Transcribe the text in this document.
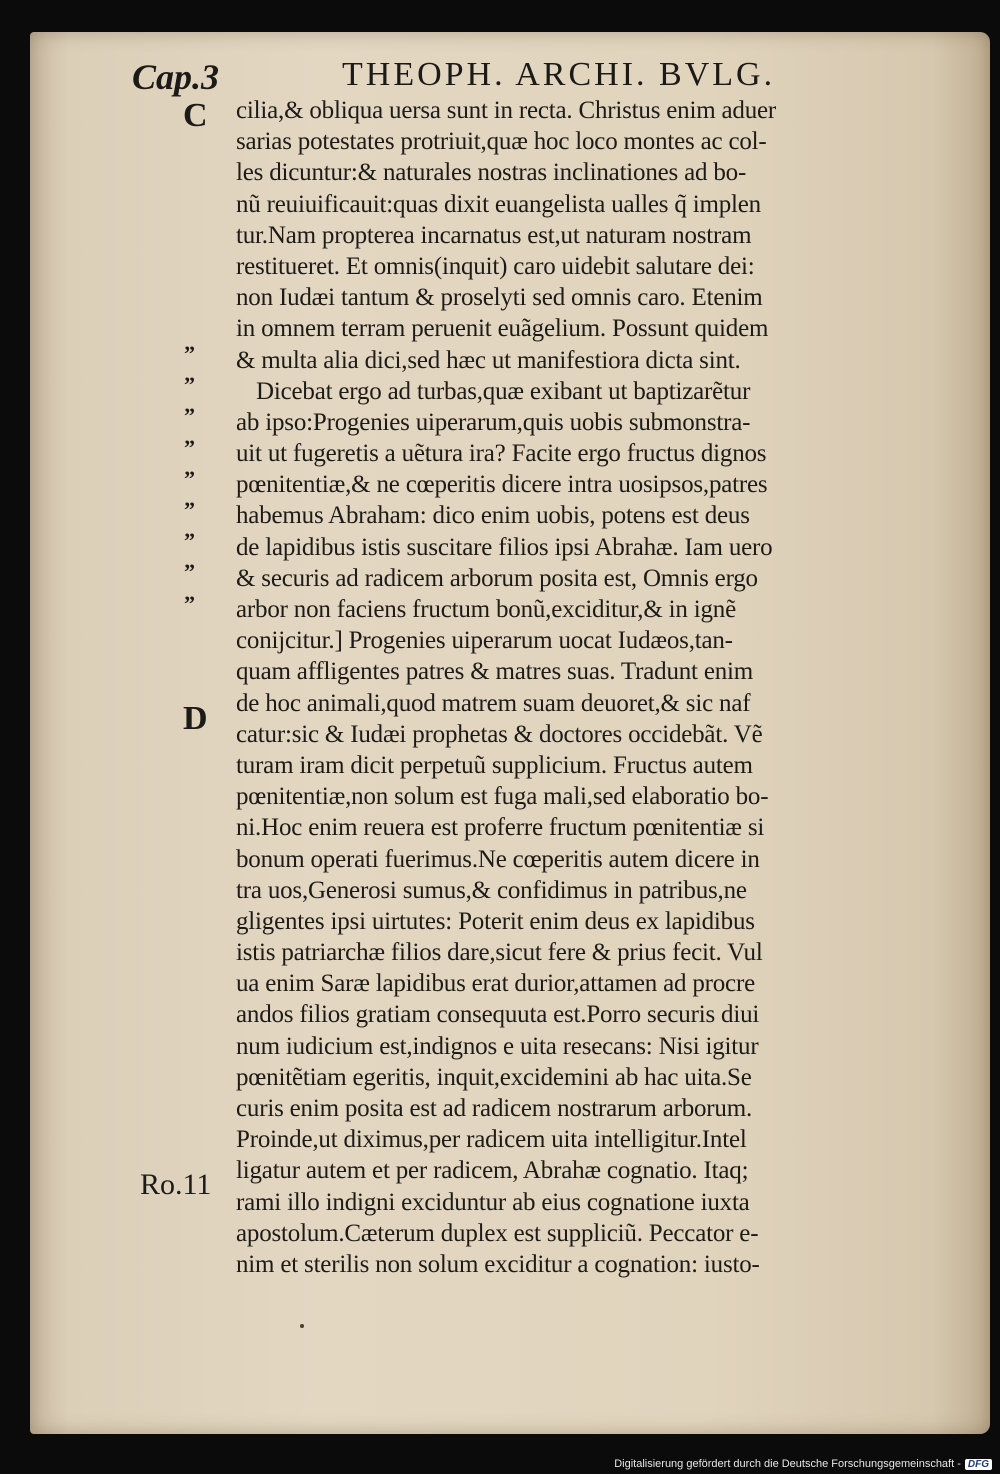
Cap.3	THEOPH. ARCHI. BVLG.
C
D
”
”
”
”
”
”
”
”
”
cilia,& obliqua uersa sunt in recta. Christus enim aduer
sarias potestates protriuit,quæ hoc loco montes ac col-
les dicuntur:& naturales nostras inclinationes ad bo-
nũ reuiuificauit:quas dixit euangelista ualles q̃ implen
tur.Nam propterea incarnatus est,ut naturam nostram
restitueret. Et omnis(inquit) caro uidebit salutare dei:
non Iudæi tantum & proselyti sed omnis caro. Etenim
in omnem terram peruenit euãgelium. Possunt quidem
& multa alia dici,sed hæc ut manifestiora dicta sint.
Dicebat ergo ad turbas,quæ exibant ut baptizarẽtur
ab ipso:Progenies uiperarum,quis uobis submonstra-
uit ut fugeretis a uẽtura ira? Facite ergo fructus dignos
pœnitentiæ,& ne cœperitis dicere intra uosipsos,patres
habemus Abraham: dico enim uobis, potens est deus
de lapidibus istis suscitare filios ipsi Abrahæ. Iam uero
& securis ad radicem arborum posita est, Omnis ergo
arbor non faciens fructum bonũ,exciditur,& in ignẽ
conijcitur.] Progenies uiperarum uocat Iudæos,tan-
quam affligentes patres & matres suas. Tradunt enim
de hoc animali,quod matrem suam deuoret,& sic naf
catur:sic & Iudæi prophetas & doctores occidebãt. Vẽ
turam iram dicit perpetuũ supplicium. Fructus autem
pœnitentiæ,non solum est fuga mali,sed elaboratio bo-
ni.Hoc enim reuera est proferre fructum pœnitentiæ si
bonum operati fuerimus.Ne cœperitis autem dicere in
tra uos,Generosi sumus,& confidimus in patribus,ne
gligentes ipsi uirtutes: Poterit enim deus ex lapidibus
istis patriarchæ filios dare,sicut fere & prius fecit. Vul
ua enim Saræ lapidibus erat durior,attamen ad procre
andos filios gratiam consequuta est.Porro securis diui
num iudicium est,indignos e uita resecans: Nisi igitur
pœnitẽtiam egeritis, inquit,excidemini ab hac uita.Se
curis enim posita est ad radicem nostrarum arborum.
Proinde,ut diximus,per radicem uita intelligitur.Intel
ligatur autem et per radicem, Abrahæ cognatio. Itaq;
rami illo indigni exciduntur ab eius cognatione iuxta
apostolum.Cæterum duplex est suppliciũ. Peccator e-
nim et sterilis non solum exciditur a cognation: iusto-
Ro.11
Digitalisierung gefördert durch die Deutsche Forschungsgemeinschaft - DFG
